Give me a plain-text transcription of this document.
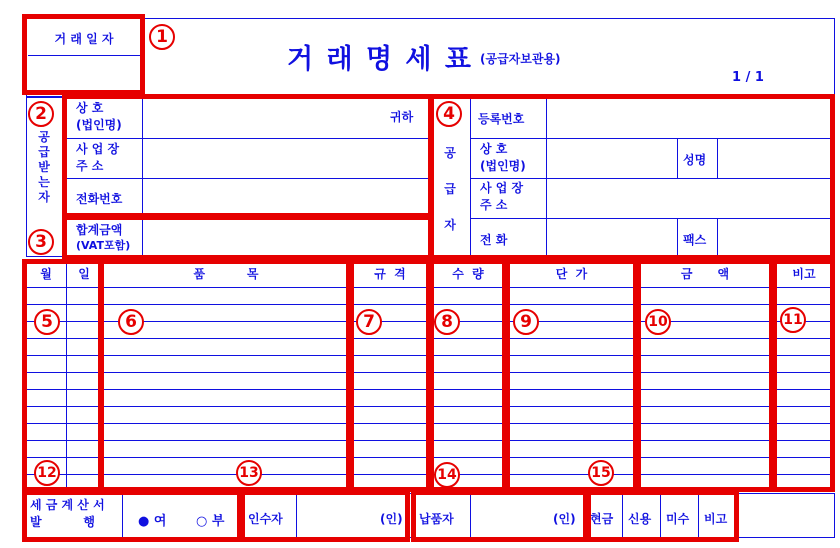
거 래 일 자
거 래 명 세 표 (공급자보관용)
1 / 1
공
급
받
는
자
상 호
(법인명)
귀하
사 업 장
주 소
전화번호
합계금액
(VAT포함)
공
급
자
등록번호
상 호
(법인명)	성명
사 업 장
주 소
전 화	팩스
월	일	품          목	규  격	수  량	단  가	금      액	비고
세 금 계 산 서
발          행	● 여 ○ 부 인수자	(인) 납품자	(인) 현금 신용 미수 비고
1
2
3
4
5	6	7	8	9	10	11
12	13	14	15
